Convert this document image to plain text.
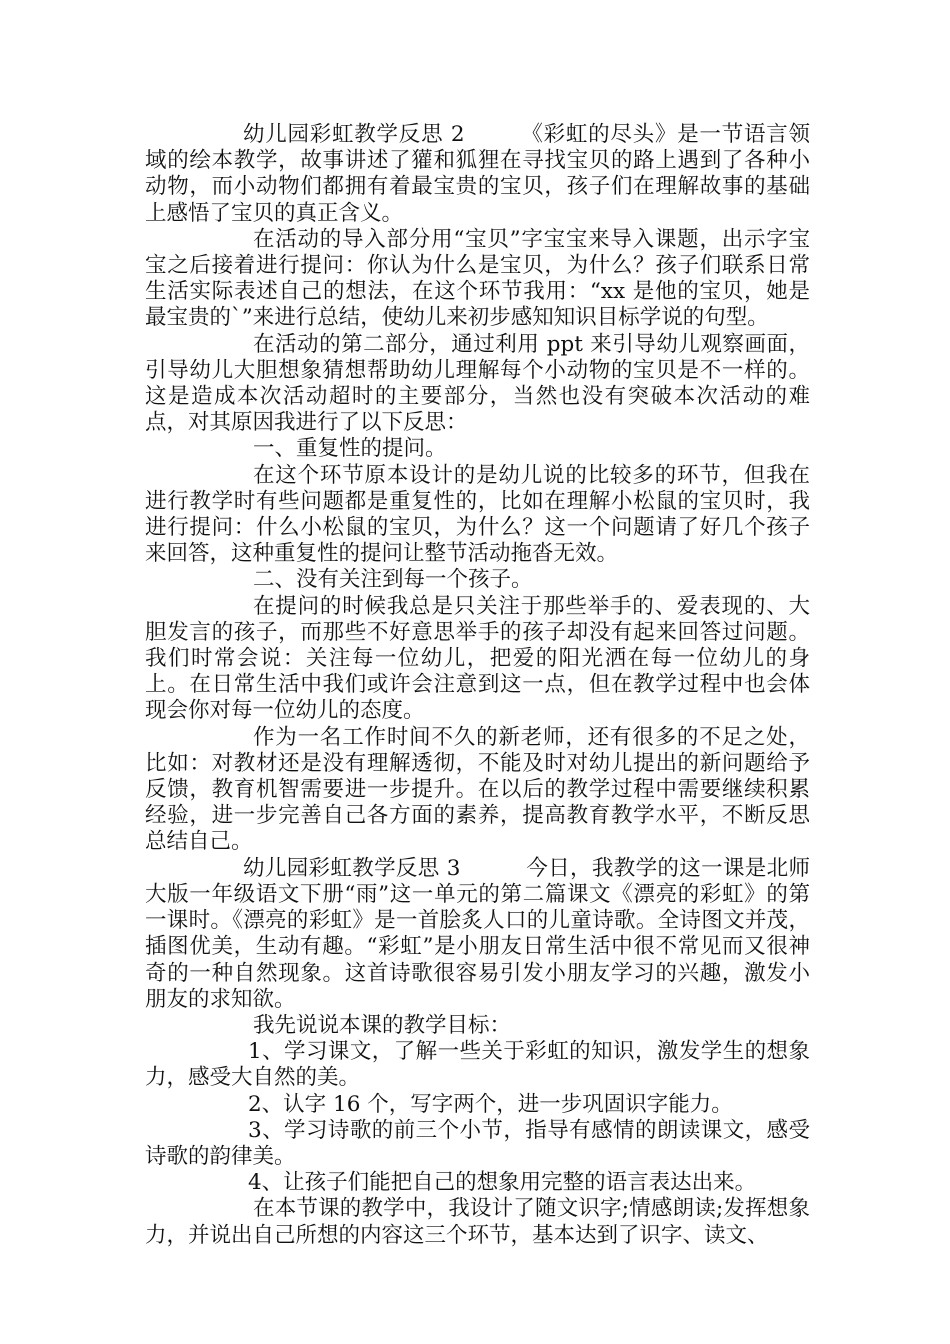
幼儿园彩虹教学反思 2　　　《彩虹的尽头》是一节语言领域的绘本教学，故事讲述了獾和狐狸在寻找宝贝的路上遇到了各种小动物，而小动物们都拥有着最宝贵的宝贝，孩子们在理解故事的基础上感悟了宝贝的真正含义。

在活动的导入部分用“宝贝”字宝宝来导入课题，出示字宝宝之后接着进行提问：你认为什么是宝贝，为什么？孩子们联系日常生活实际表述自己的想法，在这个环节我用：“xx 是他的宝贝，她是最宝贵的`”来进行总结，使幼儿来初步感知知识目标学说的句型。

在活动的第二部分，通过利用 ppt 来引导幼儿观察画面，引导幼儿大胆想象猜想帮助幼儿理解每个小动物的宝贝是不一样的。这是造成本次活动超时的主要部分，当然也没有突破本次活动的难点，对其原因我进行了以下反思：

一、重复性的提问。

在这个环节原本设计的是幼儿说的比较多的环节，但我在进行教学时有些问题都是重复性的，比如在理解小松鼠的宝贝时，我进行提问：什么小松鼠的宝贝，为什么？这一个问题请了好几个孩子来回答，这种重复性的提问让整节活动拖沓无效。

二、没有关注到每一个孩子。

在提问的时候我总是只关注于那些举手的、爱表现的、大胆发言的孩子，而那些不好意思举手的孩子却没有起来回答过问题。我们时常会说：关注每一位幼儿，把爱的阳光洒在每一位幼儿的身上。在日常生活中我们或许会注意到这一点，但在教学过程中也会体现会你对每一位幼儿的态度。

作为一名工作时间不久的新老师，还有很多的不足之处，比如：对教材还是没有理解透彻，不能及时对幼儿提出的新问题给予反馈，教育机智需要进一步提升。在以后的教学过程中需要继续积累经验，进一步完善自己各方面的素养，提高教育教学水平，不断反思总结自己。

幼儿园彩虹教学反思 3　　　今日，我教学的这一课是北师大版一年级语文下册“雨”这一单元的第二篇课文《漂亮的彩虹》的第一课时。《漂亮的彩虹》是一首脍炙人口的儿童诗歌。全诗图文并茂，插图优美，生动有趣。“彩虹”是小朋友日常生活中很不常见而又很神奇的一种自然现象。这首诗歌很容易引发小朋友学习的兴趣，激发小朋友的求知欲。

我先说说本课的教学目标：

1、学习课文，了解一些关于彩虹的知识，激发学生的想象力，感受大自然的美。

2、认字 16 个，写字两个，进一步巩固识字能力。

3、学习诗歌的前三个小节，指导有感情的朗读课文，感受诗歌的韵律美。

4、让孩子们能把自己的想象用完整的语言表达出来。

在本节课的教学中，我设计了随文识字;情感朗读;发挥想象力，并说出自己所想的内容这三个环节，基本达到了识字、读文、
